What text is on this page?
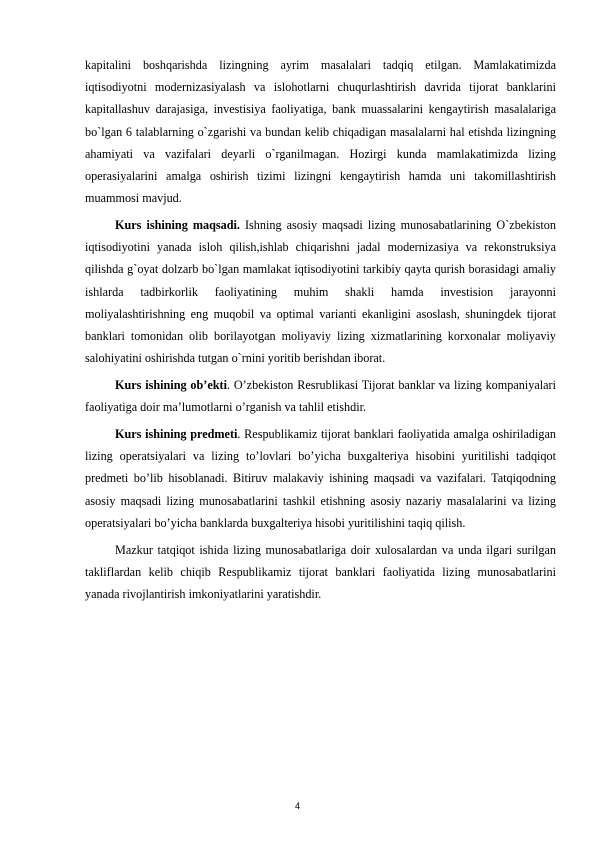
kapitalini boshqarishda lizingning ayrim masalalari tadqiq etilgan. Mamlakatimizda iqtisodiyotni modernizasiyalash va islohotlarni chuqurlashtirish davrida tijorat banklarini kapitallashuv darajasiga, investisiya faoliyatiga, bank muassalarini kengaytirish masalalariga bo`lgan 6 talablarning o`zgarishi va bundan kelib chiqadigan masalalarni hal etishda lizingning ahamiyati va vazifalari deyarli o`rganilmagan. Hozirgi kunda mamlakatimizda lizing operasiyalarini amalga oshirish tizimi lizingni kengaytirish hamda uni takomillashtirish muammosi mavjud.

Kurs ishining maqsadi. Ishning asosiy maqsadi lizing munosabatlarining O`zbekiston iqtisodiyotini yanada isloh qilish,ishlab chiqarishni jadal modernizasiya va rekonstruksiya qilishda g`oyat dolzarb bo`lgan mamlakat iqtisodiyotini tarkibiy qayta qurish borasidagi amaliy ishlarda tadbirkorlik faoliyatining muhim shakli hamda investision jarayonni moliyalashtirishning eng muqobil va optimal varianti ekanligini asoslash, shuningdek tijorat banklari tomonidan olib borilayotgan moliyaviy lizing xizmatlarining korxonalar moliyaviy salohiyatini oshirishda tutgan o`rnini yoritib berishdan iborat.

Kurs ishining ob’ekti. O’zbekiston Resrublikasi Tijorat banklar va lizing kompaniyalari faoliyatiga doir ma’lumotlarni o’rganish va tahlil etishdir.

Kurs ishining predmeti. Respublikamiz tijorat banklari faoliyatida amalga oshiriladigan lizing operatsiyalari va lizing to’lovlari bo’yicha buxgalteriya hisobini yuritilishi tadqiqot predmeti bo’lib hisoblanadi. Bitiruv malakaviy ishining maqsadi va vazifalari. Tatqiqodning asosiy maqsadi lizing munosabatlarini tashkil etishning asosiy nazariy masalalarini va lizing operatsiyalari bo’yicha banklarda buxgalteriya hisobi yuritilishini taqiq qilish.

Mazkur tatqiqot ishida lizing munosabatlariga doir xulosalardan va unda ilgari surilgan takliflardan kelib chiqib Respublikamiz tijorat banklari faoliyatida lizing munosabatlarini yanada rivojlantirish imkoniyatlarini yaratishdir.

4
